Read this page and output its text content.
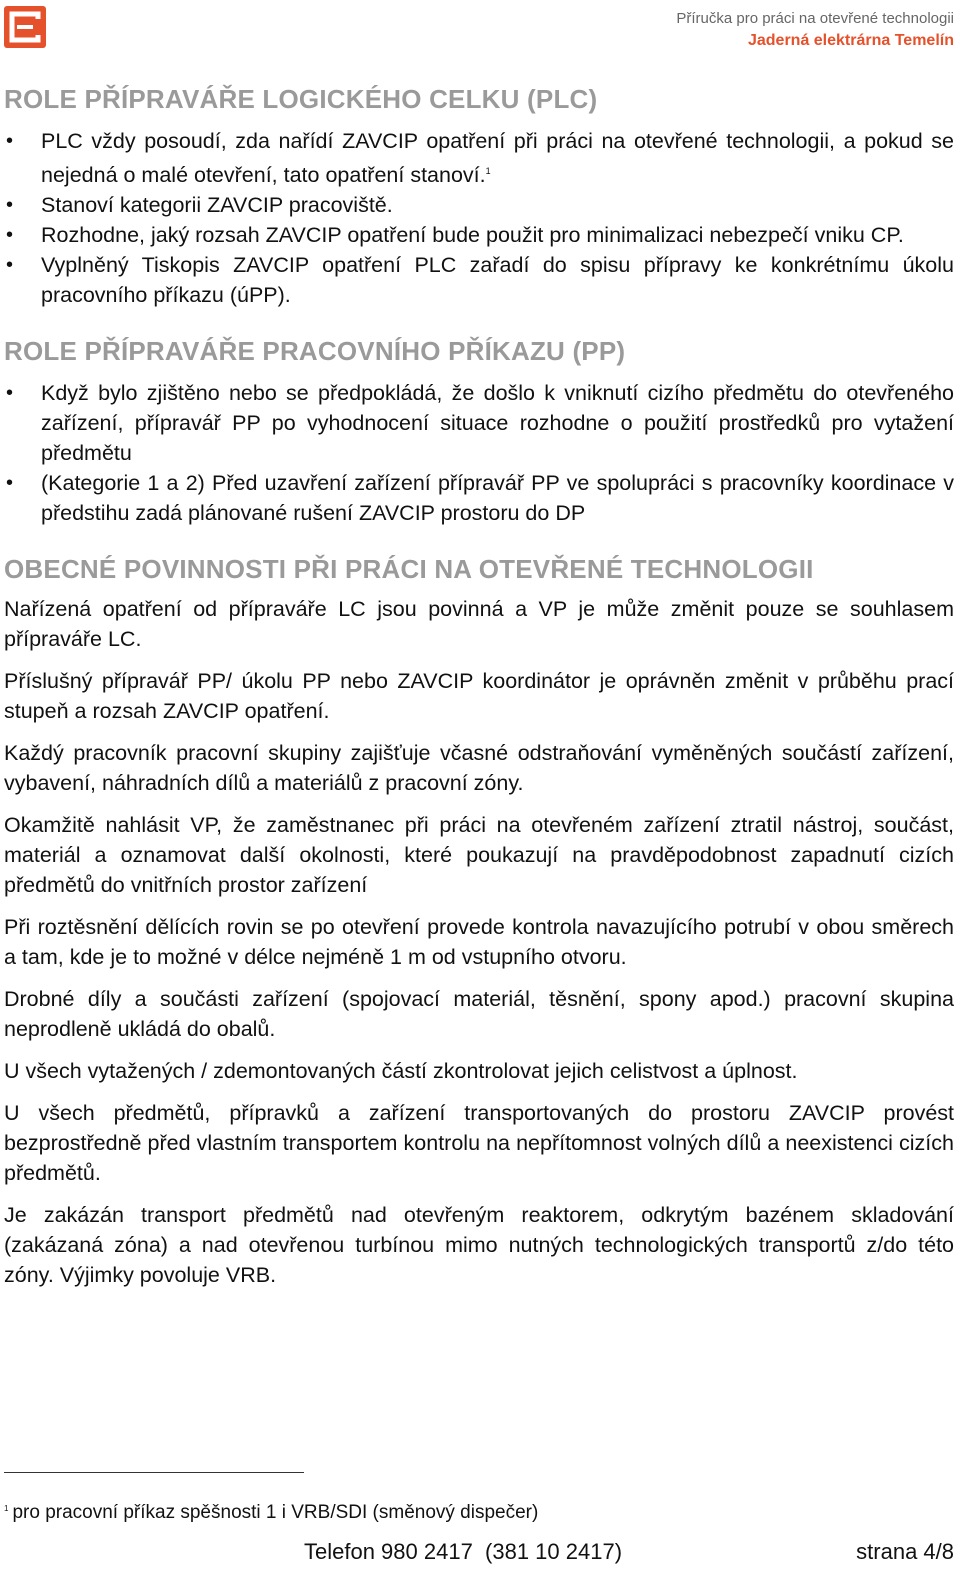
Příručka pro práci na otevřené technologii
Jaderná elektrárna Temelín
ROLE PŘÍPRAVÁŘE LOGICKÉHO CELKU (PLC)
• PLC vždy posoudí, zda nařídí ZAVCIP opatření při práci na otevřené technologii, a pokud se nejedná o malé otevření, tato opatření stanoví.$^1$
• Stanoví kategorii ZAVCIP pracoviště.
• Rozhodne, jaký rozsah ZAVCIP opatření bude použit pro minimalizaci nebezpečí vniku CP.
• Vyplněný Tiskopis ZAVCIP opatření PLC zařadí do spisu přípravy ke konkrétnímu úkolu pracovního příkazu (úPP).
ROLE PŘÍPRAVÁŘE PRACOVNÍHO PŘÍKAZU (PP)
• Když bylo zjištěno nebo se předpokládá, že došlo k vniknutí cizího předmětu do otevřeného zařízení, přípravář PP po vyhodnocení situace rozhodne o použití prostředků pro vytažení předmětu
• (Kategorie 1 a 2) Před uzavření zařízení přípravář PP ve spolupráci s pracovníky koordinace v předstihu zadá plánované rušení ZAVCIP prostoru do DP
OBECNÉ POVINNOSTI PŘI PRÁCI NA OTEVŘENÉ TECHNOLOGII

Nařízená opatření od přípraváře LC jsou povinná a VP je může změnit pouze se souhlasem přípraváře LC.

Příslušný přípravář PP/ úkolu PP nebo ZAVCIP koordinátor je oprávněn změnit v průběhu prací stupeň a rozsah ZAVCIP opatření.

Každý pracovník pracovní skupiny zajišťuje včasné odstraňování vyměněných součástí zařízení, vybavení, náhradních dílů a materiálů z pracovní zóny.

Okamžitě nahlásit VP, že zaměstnanec při práci na otevřeném zařízení ztratil nástroj, součást, materiál a oznamovat další okolnosti, které poukazují na pravděpodobnost zapadnutí cizích předmětů do vnitřních prostor zařízení

Při roztěsnění dělících rovin se po otevření provede kontrola navazujícího potrubí v obou směrech a tam, kde je to možné v délce nejméně 1 m od vstupního otvoru.

Drobné díly a součásti zařízení (spojovací materiál, těsnění, spony apod.) pracovní skupina neprodleně ukládá do obalů.

U všech vytažených / zdemontovaných částí zkontrolovat jejich celistvost a úplnost.

U všech předmětů, přípravků a zařízení transportovaných do prostoru ZAVCIP provést bezprostředně před vlastním transportem kontrolu na nepřítomnost volných dílů a neexistenci cizích předmětů.

Je zakázán transport předmětů nad otevřeným reaktorem, odkrytým bazénem skladování (zakázaná zóna) a nad otevřenou turbínou mimo nutných technologických transportů z/do této zóny. Výjimky povoluje VRB.

$^1$ pro pracovní příkaz spěšnosti 1 i VRB/SDI (směnový dispečer)
Telefon 980 2417  (381 10 2417)	strana 4/8
